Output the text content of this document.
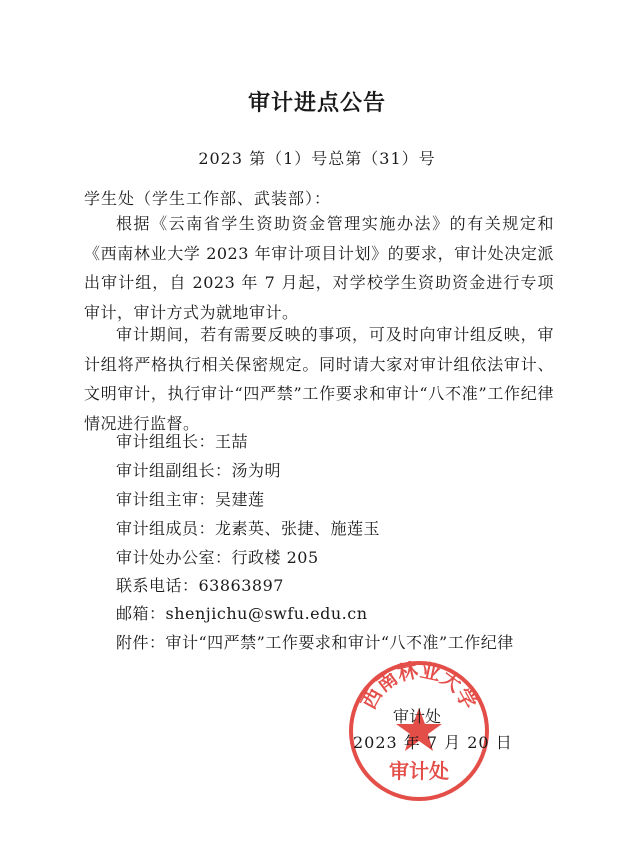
审计进点公告
2023 第（1）号总第（31）号
学生处（学生工作部、武装部）：

根据《云南省学生资助资金管理实施办法》的有关规定和《西南林业大学 2023 年审计项目计划》的要求，审计处决定派出审计组，自 2023 年 7 月起，对学校学生资助资金进行专项审计，审计方式为就地审计。

审计期间，若有需要反映的事项，可及时向审计组反映，审计组将严格执行相关保密规定。同时请大家对审计组依法审计、文明审计，执行审计“四严禁”工作要求和审计“八不准”工作纪律情况进行监督。

审计组组长：王喆
审计组副组长：汤为明
审计组主审：吴建莲
审计组成员：龙素英、张捷、施莲玉
审计处办公室：行政楼 205
联系电话：63863897
邮箱：shenjichu@swfu.edu.cn
附件：审计“四严禁”工作要求和审计“八不准”工作纪律
西南林业大学
审计处
审计处
2023 年 7 月 20 日
